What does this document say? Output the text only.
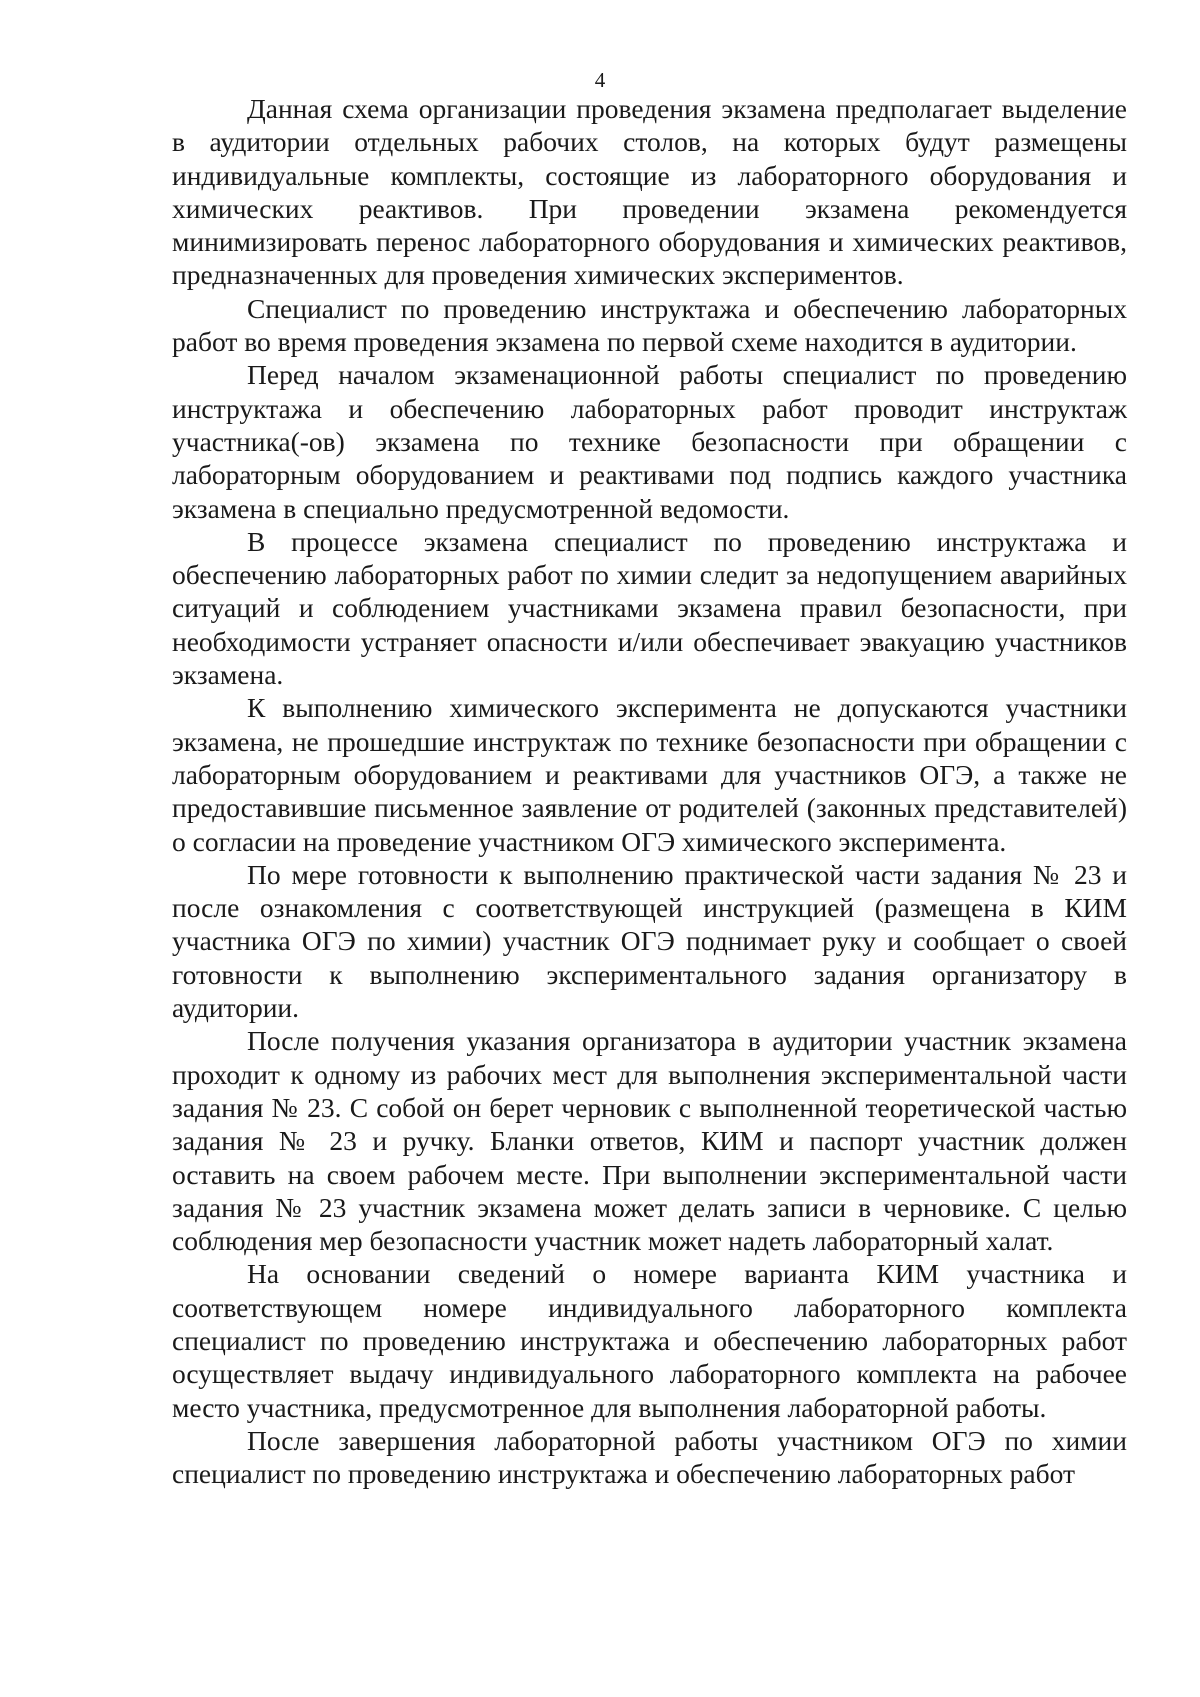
4

Данная схема организации проведения экзамена предполагает выделение в аудитории отдельных рабочих столов, на которых будут размещены индивидуальные комплекты, состоящие из лабораторного оборудования и химических реактивов. При проведении экзамена рекомендуется минимизировать перенос лабораторного оборудования и химических реактивов, предназначенных для проведения химических экспериментов.

Специалист по проведению инструктажа и обеспечению лабораторных работ во время проведения экзамена по первой схеме находится в аудитории.

Перед началом экзаменационной работы специалист по проведению инструктажа и обеспечению лабораторных работ проводит инструктаж участника(-ов) экзамена по технике безопасности при обращении с лабораторным оборудованием и реактивами под подпись каждого участника экзамена в специально предусмотренной ведомости.

В процессе экзамена специалист по проведению инструктажа и обеспечению лабораторных работ по химии следит за недопущением аварийных ситуаций и соблюдением участниками экзамена правил безопасности, при необходимости устраняет опасности и/или обеспечивает эвакуацию участников экзамена.

К выполнению химического эксперимента не допускаются участники экзамена, не прошедшие инструктаж по технике безопасности при обращении с лабораторным оборудованием и реактивами для участников ОГЭ, а также не предоставившие письменное заявление от родителей (законных представителей) о согласии на проведение участником ОГЭ химического эксперимента.

По мере готовности к выполнению практической части задания № 23 и после ознакомления с соответствующей инструкцией (размещена в КИМ участника ОГЭ по химии) участник ОГЭ поднимает руку и сообщает о своей готовности к выполнению экспериментального задания организатору в аудитории.

После получения указания организатора в аудитории участник экзамена проходит к одному из рабочих мест для выполнения экспериментальной части задания № 23. С собой он берет черновик с выполненной теоретической частью задания № 23 и ручку. Бланки ответов, КИМ и паспорт участник должен оставить на своем рабочем месте. При выполнении экспериментальной части задания № 23 участник экзамена может делать записи в черновике. С целью соблюдения мер безопасности участник может надеть лабораторный халат.

На основании сведений о номере варианта КИМ участника и соответствующем номере индивидуального лабораторного комплекта специалист по проведению инструктажа и обеспечению лабораторных работ осуществляет выдачу индивидуального лабораторного комплекта на рабочее место участника, предусмотренное для выполнения лабораторной работы.

После завершения лабораторной работы участником ОГЭ по химии специалист по проведению инструктажа и обеспечению лабораторных работ
